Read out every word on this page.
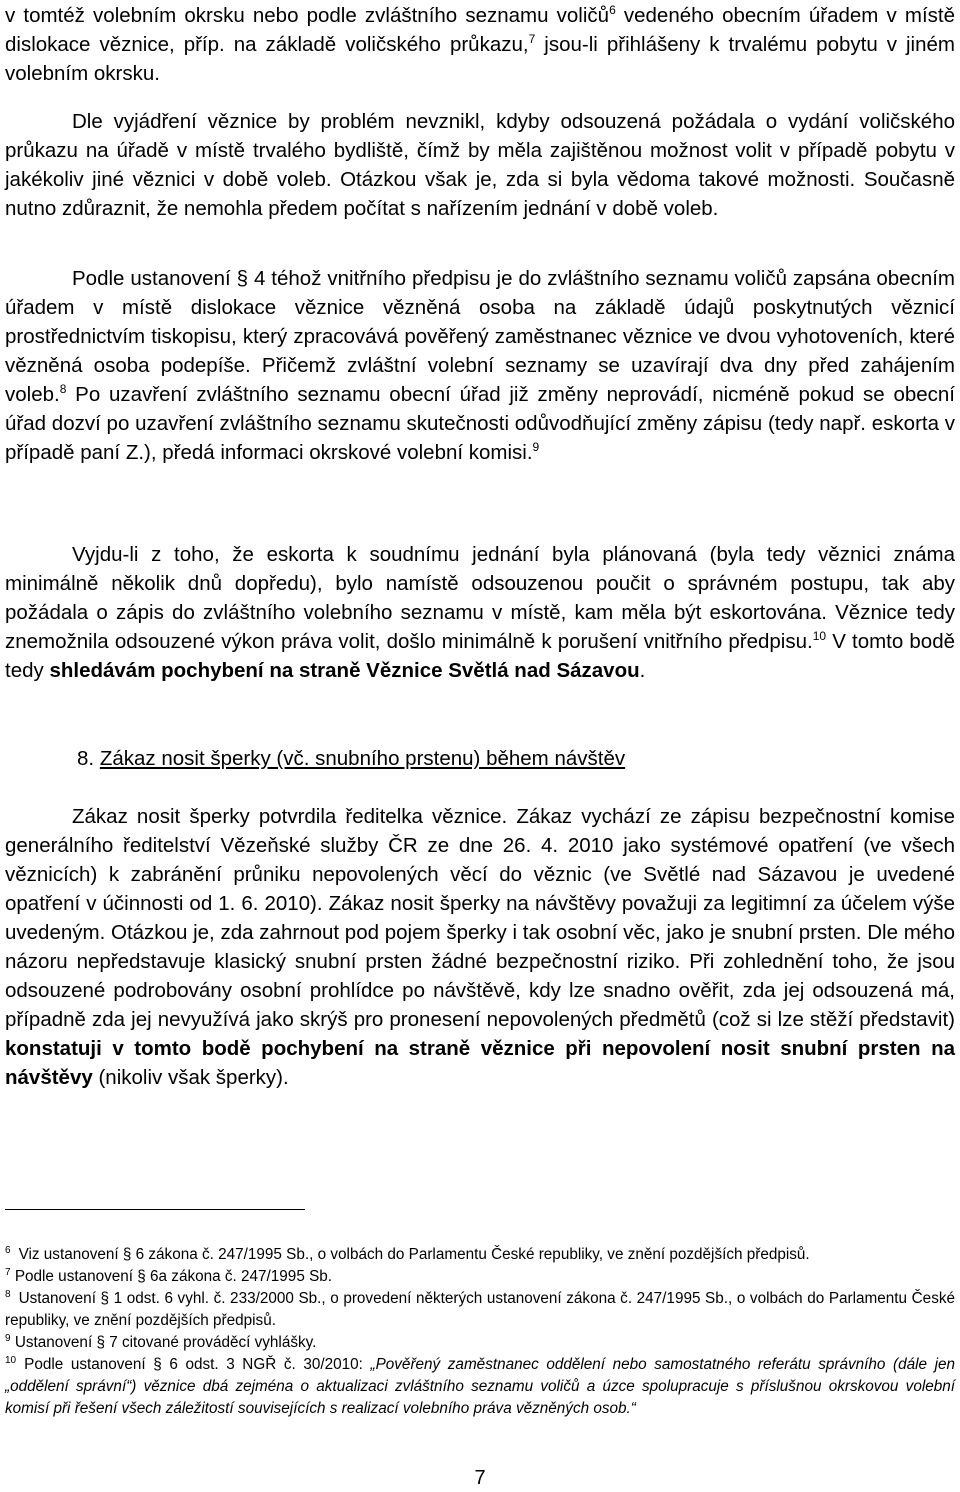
v tomtéž volebním okrsku nebo podle zvláštního seznamu voličů$^6$ vedeného obecním úřadem v místě dislokace věznice, příp. na základě voličského průkazu,$^7$ jsou-li přihlášeny k trvalému pobytu v jiném volebním okrsku.

Dle vyjádření věznice by problém nevznikl, kdyby odsouzená požádala o vydání voličského průkazu na úřadě v místě trvalého bydliště, čímž by měla zajištěnou možnost volit v případě pobytu v jakékoliv jiné věznici v době voleb. Otázkou však je, zda si byla vědoma takové možnosti. Současně nutno zdůraznit, že nemohla předem počítat s nařízením jednání v době voleb.

Podle ustanovení § 4 téhož vnitřního předpisu je do zvláštního seznamu voličů zapsána obecním úřadem v místě dislokace věznice vězněná osoba na základě údajů poskytnutých věznicí prostřednictvím tiskopisu, který zpracovává pověřený zaměstnanec věznice ve dvou vyhotoveních, které vězněná osoba podepíše. Přičemž zvláštní volební seznamy se uzavírají dva dny před zahájením voleb.$^8$ Po uzavření zvláštního seznamu obecní úřad již změny neprovádí, nicméně pokud se obecní úřad dozví po uzavření zvláštního seznamu skutečnosti odůvodňující změny zápisu (tedy např. eskorta v případě paní Z.), předá informaci okrskové volební komisi.$^9$

Vyjdu-li z toho, že eskorta k soudnímu jednání byla plánovaná (byla tedy věznici známa minimálně několik dnů dopředu), bylo namístě odsouzenou poučit o správném postupu, tak aby požádala o zápis do zvláštního volebního seznamu v místě, kam měla být eskortována. Věznice tedy znemožnila odsouzené výkon práva volit, došlo minimálně k porušení vnitřního předpisu.$^{10}$ V tomto bodě tedy shledávám pochybení na straně Věznice Světlá nad Sázavou.

8. Zákaz nosit šperky (vč. snubního prstenu) během návštěv

Zákaz nosit šperky potvrdila ředitelka věznice. Zákaz vychází ze zápisu bezpečnostní komise generálního ředitelství Vězeňské služby ČR ze dne 26. 4. 2010 jako systémové opatření (ve všech věznicích) k zabránění průniku nepovolených věcí do věznic (ve Světlé nad Sázavou je uvedené opatření v účinnosti od 1. 6. 2010). Zákaz nosit šperky na návštěvy považuji za legitimní za účelem výše uvedeným. Otázkou je, zda zahrnout pod pojem šperky i tak osobní věc, jako je snubní prsten. Dle mého názoru nepředstavuje klasický snubní prsten žádné bezpečnostní riziko. Při zohlednění toho, že jsou odsouzené podrobovány osobní prohlídce po návštěvě, kdy lze snadno ověřit, zda jej odsouzená má, případně zda jej nevyužívá jako skrýš pro pronesení nepovolených předmětů (což si lze stěží představit) konstatuji v tomto bodě pochybení na straně věznice při nepovolení nosit snubní prsten na návštěvy (nikoliv však šperky).

$^6$ Viz ustanovení § 6 zákona č. 247/1995 Sb., o volbách do Parlamentu České republiky, ve znění pozdějších předpisů.

$^7$ Podle ustanovení § 6a zákona č. 247/1995 Sb.

$^8$ Ustanovení § 1 odst. 6 vyhl. č. 233/2000 Sb., o provedení některých ustanovení zákona č. 247/1995 Sb., o volbách do Parlamentu České republiky, ve znění pozdějších předpisů.

$^9$ Ustanovení § 7 citované prováděcí vyhlášky.

$^{10}$ Podle ustanovení § 6 odst. 3 NGŘ č. 30/2010: „Pověřený zaměstnanec oddělení nebo samostatného referátu správního (dále jen „oddělení správní“) věznice dbá zejména o aktualizaci zvláštního seznamu voličů a úzce spolupracuje s příslušnou okrskovou volební komisí při řešení všech záležitostí souvisejících s realizací volebního práva vězněných osob.“

7
